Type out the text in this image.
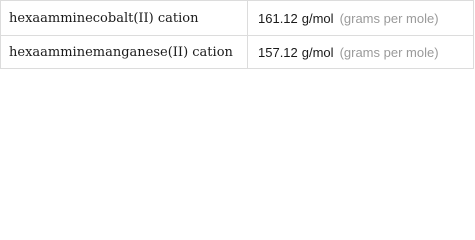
hexaamminecobalt(II) cation	161.12 g/mol (grams per mole)
hexaamminemanganese(II) cation	157.12 g/mol (grams per mole)
